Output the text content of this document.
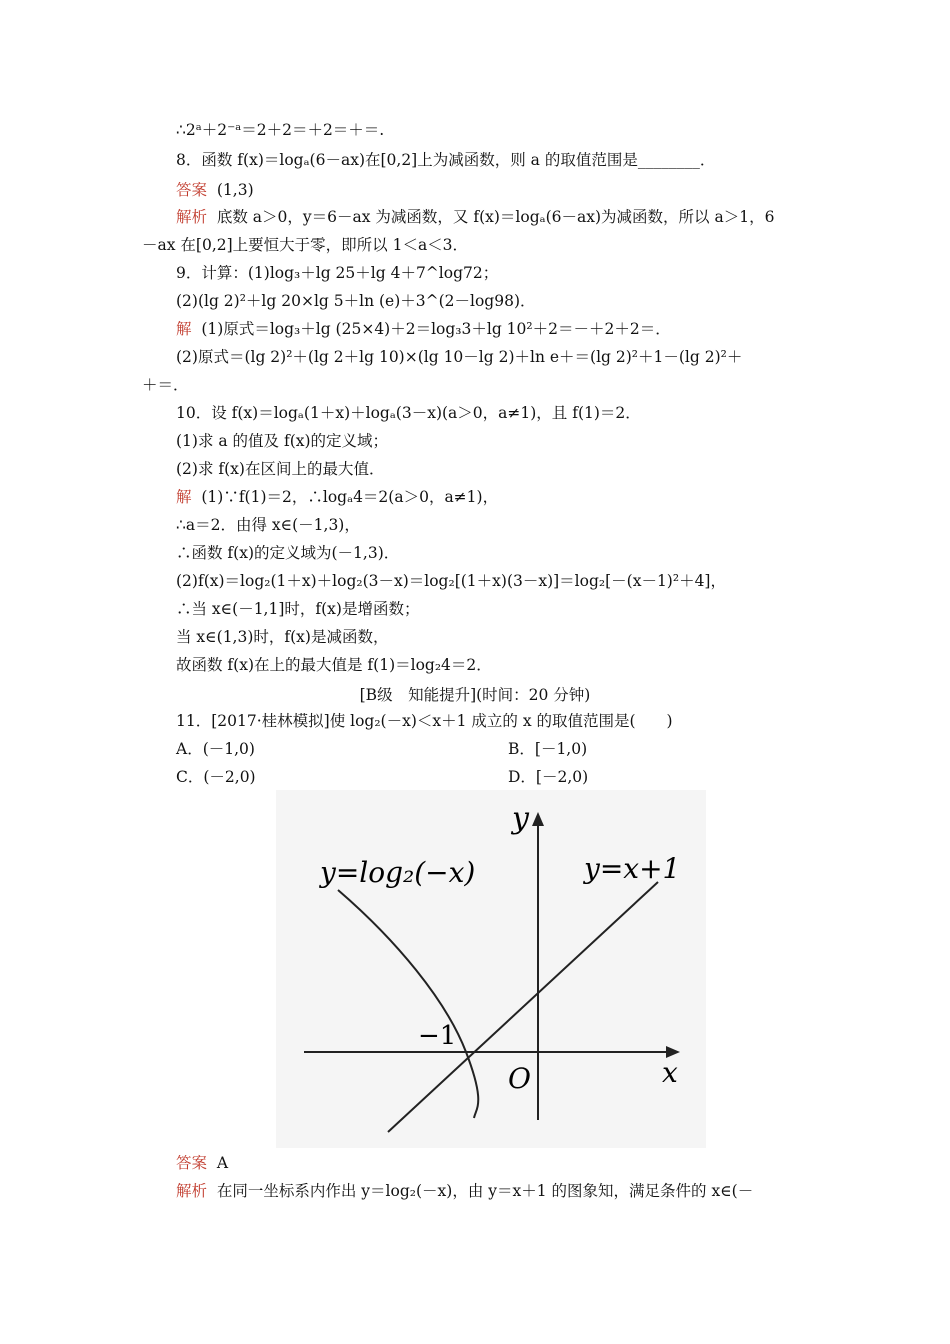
∴2ᵃ＋2⁻ᵃ＝2＋2＝＋2＝＋＝.
8．函数 f(x)＝logₐ(6－ax)在[0,2]上为减函数，则 a 的取值范围是________．
答案  (1,3)
解析  底数 a＞0，y＝6－ax 为减函数，又 f(x)＝logₐ(6－ax)为减函数，所以 a＞1，6
－ax 在[0,2]上要恒大于零，即所以 1＜a＜3．
9．计算：(1)log₃＋lg 25＋lg 4＋7^log72；
(2)(lg 2)²＋lg 20×lg 5＋ln (e)＋3^(2－log98)．
解  (1)原式＝log₃＋lg (25×4)＋2＝log₃3＋lg 10²＋2＝－＋2＋2＝．
(2)原式＝(lg 2)²＋(lg 2＋lg 10)×(lg 10－lg 2)＋ln e＋＝(lg 2)²＋1－(lg 2)²＋
＋＝．
10．设 f(x)＝logₐ(1＋x)＋logₐ(3－x)(a＞0，a≠1)，且 f(1)＝2．
(1)求 a 的值及 f(x)的定义域；
(2)求 f(x)在区间上的最大值．
解  (1)∵f(1)＝2，∴logₐ4＝2(a＞0，a≠1)，
∴a＝2．由得 x∈(－1,3)，
∴函数 f(x)的定义域为(－1,3)．
(2)f(x)＝log₂(1＋x)＋log₂(3－x)＝log₂[(1＋x)(3－x)]＝log₂[－(x－1)²＋4]，
∴当 x∈(－1,1]时，f(x)是增函数；
当 x∈(1,3)时，f(x)是减函数，
故函数 f(x)在上的最大值是 f(1)＝log₂4＝2．
[B级　知能提升](时间：20 分钟)
11．[2017·桂林模拟]使 log₂(－x)＜x＋1 成立的 x 的取值范围是(　　)
A．(－1,0)	B．[－1,0)
C．(－2,0)	D．[－2,0)
y
x
O
y=log₂(−x)	y=x+1
−1
答案  A
解析  在同一坐标系内作出 y＝log₂(－x)，由 y＝x＋1 的图象知，满足条件的 x∈(－
